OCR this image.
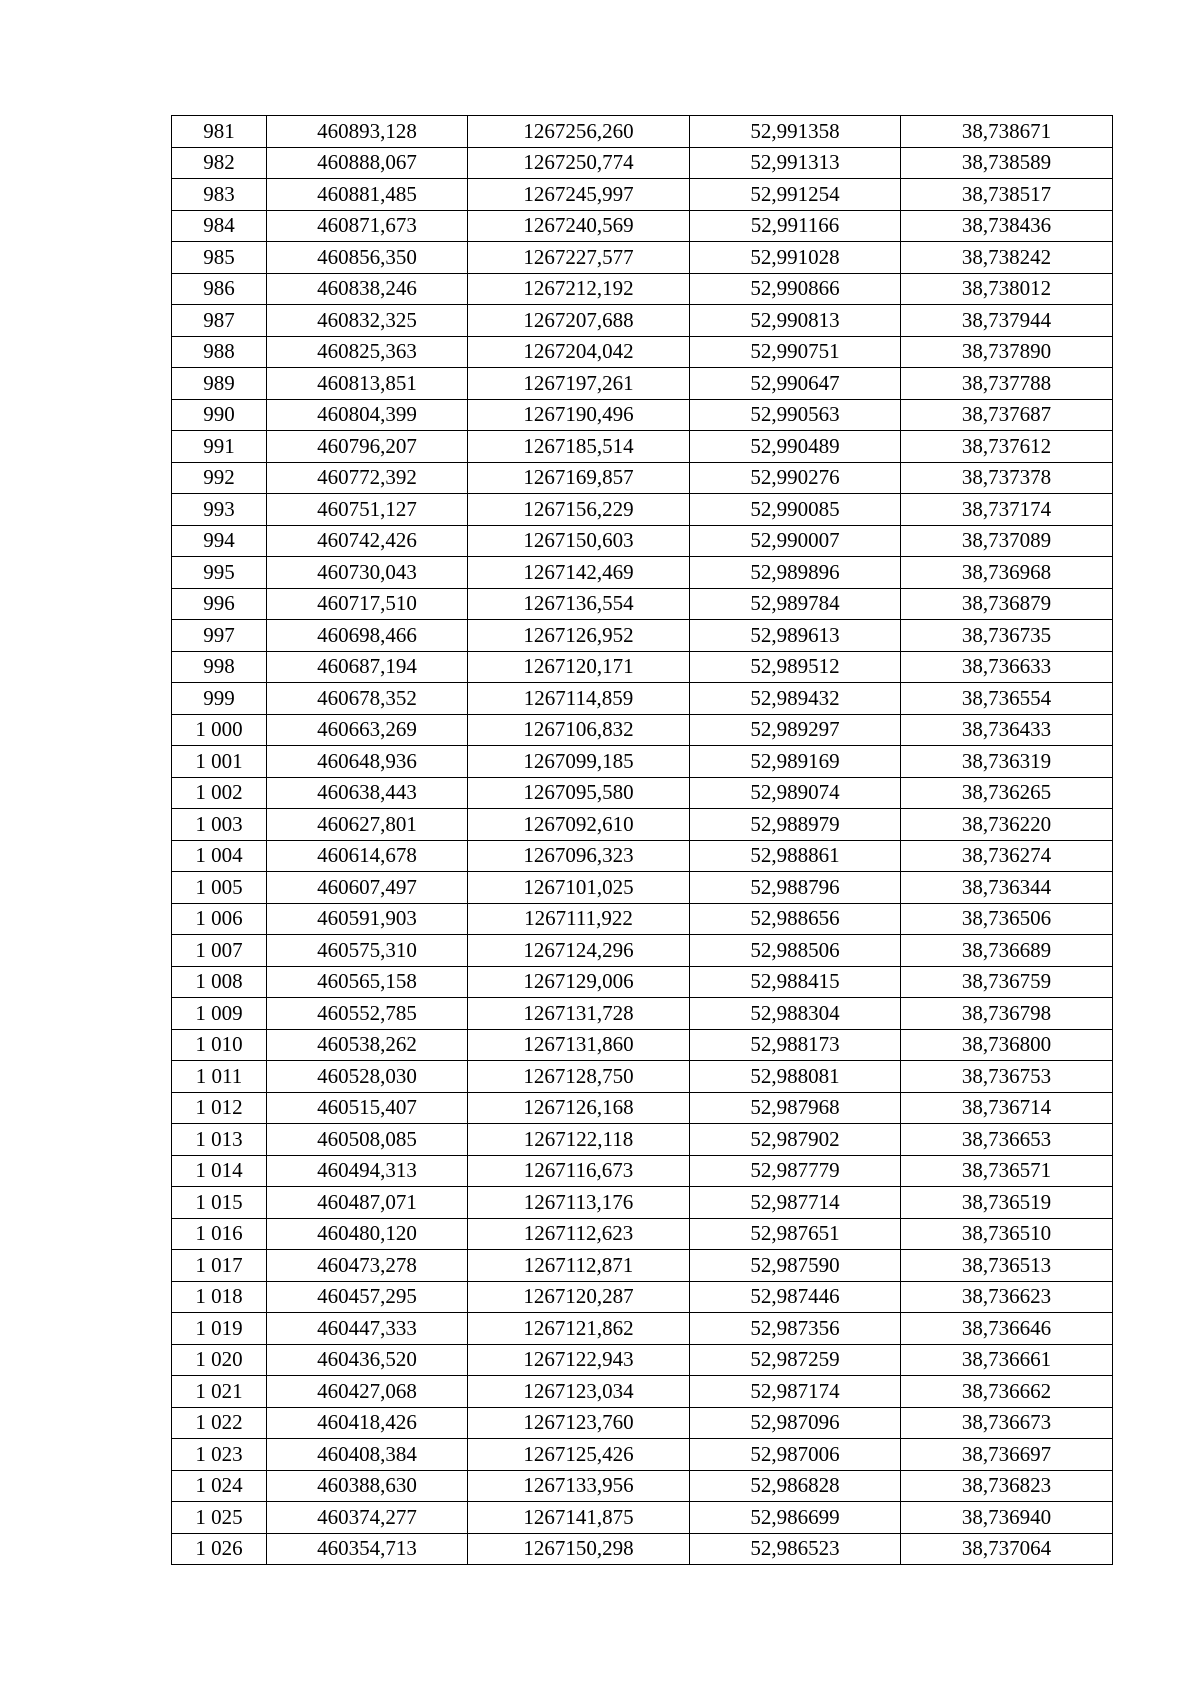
981	460893,128	1267256,260	52,991358	38,738671
982	460888,067	1267250,774	52,991313	38,738589
983	460881,485	1267245,997	52,991254	38,738517
984	460871,673	1267240,569	52,991166	38,738436
985	460856,350	1267227,577	52,991028	38,738242
986	460838,246	1267212,192	52,990866	38,738012
987	460832,325	1267207,688	52,990813	38,737944
988	460825,363	1267204,042	52,990751	38,737890
989	460813,851	1267197,261	52,990647	38,737788
990	460804,399	1267190,496	52,990563	38,737687
991	460796,207	1267185,514	52,990489	38,737612
992	460772,392	1267169,857	52,990276	38,737378
993	460751,127	1267156,229	52,990085	38,737174
994	460742,426	1267150,603	52,990007	38,737089
995	460730,043	1267142,469	52,989896	38,736968
996	460717,510	1267136,554	52,989784	38,736879
997	460698,466	1267126,952	52,989613	38,736735
998	460687,194	1267120,171	52,989512	38,736633
999	460678,352	1267114,859	52,989432	38,736554
1 000	460663,269	1267106,832	52,989297	38,736433
1 001	460648,936	1267099,185	52,989169	38,736319
1 002	460638,443	1267095,580	52,989074	38,736265
1 003	460627,801	1267092,610	52,988979	38,736220
1 004	460614,678	1267096,323	52,988861	38,736274
1 005	460607,497	1267101,025	52,988796	38,736344
1 006	460591,903	1267111,922	52,988656	38,736506
1 007	460575,310	1267124,296	52,988506	38,736689
1 008	460565,158	1267129,006	52,988415	38,736759
1 009	460552,785	1267131,728	52,988304	38,736798
1 010	460538,262	1267131,860	52,988173	38,736800
1 011	460528,030	1267128,750	52,988081	38,736753
1 012	460515,407	1267126,168	52,987968	38,736714
1 013	460508,085	1267122,118	52,987902	38,736653
1 014	460494,313	1267116,673	52,987779	38,736571
1 015	460487,071	1267113,176	52,987714	38,736519
1 016	460480,120	1267112,623	52,987651	38,736510
1 017	460473,278	1267112,871	52,987590	38,736513
1 018	460457,295	1267120,287	52,987446	38,736623
1 019	460447,333	1267121,862	52,987356	38,736646
1 020	460436,520	1267122,943	52,987259	38,736661
1 021	460427,068	1267123,034	52,987174	38,736662
1 022	460418,426	1267123,760	52,987096	38,736673
1 023	460408,384	1267125,426	52,987006	38,736697
1 024	460388,630	1267133,956	52,986828	38,736823
1 025	460374,277	1267141,875	52,986699	38,736940
1 026	460354,713	1267150,298	52,986523	38,737064
